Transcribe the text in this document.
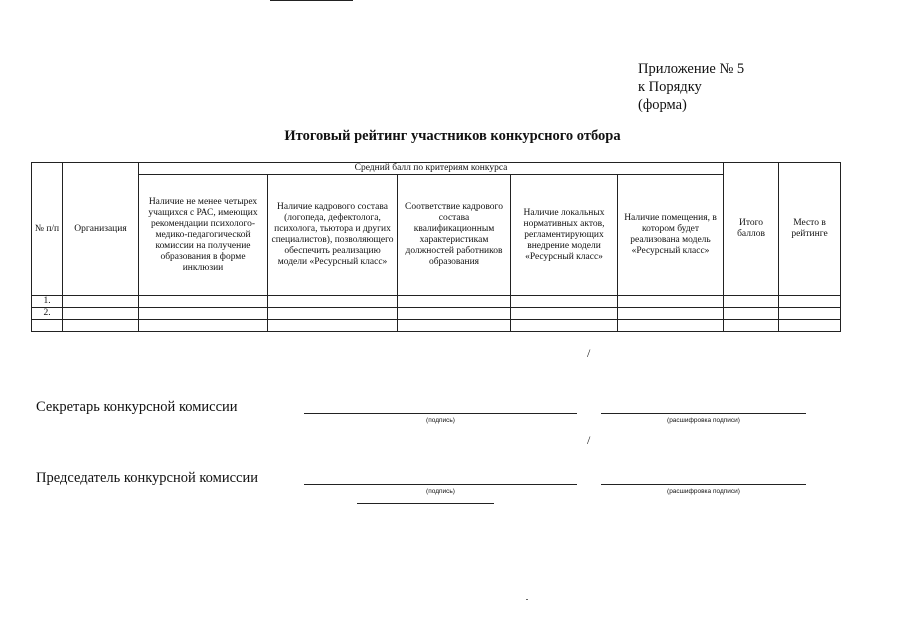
Приложение № 5
к Порядку
(форма)
Итоговый рейтинг участников конкурсного отбора
№ п/п	Организация	Средний балл по критериям конкурса					Итого баллов	Место в рейтинге
		Наличие не менее четырех учащихся с РАС, имеющих рекомендации психолого-медико-педагогической комиссии на получение образования в форме инклюзии	Наличие кадрового состава (логопеда, дефектолога, психолога, тьютора и других специалистов), позволяющего обеспечить реализацию модели «Ресурсный класс»	Соответствие кадрового состава квалификационным характеристикам должностей работников образования	Наличие локальных нормативных актов, регламентирующих внедрение модели «Ресурсный класс»	Наличие помещения, в котором будет реализована модель «Ресурсный класс»		
1.								
2.								

/
Секретарь конкурсной комиссии
(подпись)	(расшифровка подписи)
/
Председатель конкурсной комиссии
(подпись)	(расшифровка подписи)
